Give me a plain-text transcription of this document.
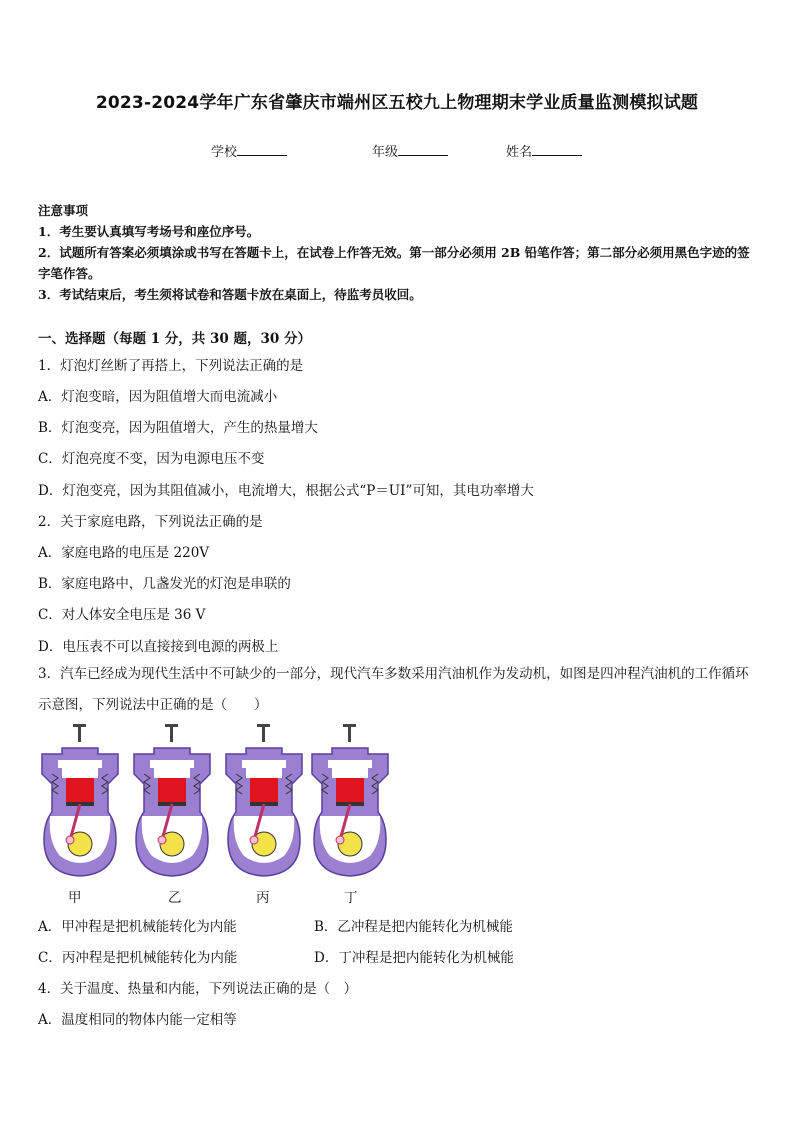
2023-2024学年广东省肇庆市端州区五校九上物理期末学业质量监测模拟试题
学校	年级	姓名
注意事项
1．考生要认真填写考场号和座位序号。
2．试题所有答案必须填涂或书写在答题卡上，在试卷上作答无效。第一部分必须用 2B 铅笔作答；第二部分必须用黑色字迹的签字笔作答。
3．考试结束后，考生须将试卷和答题卡放在桌面上，待监考员收回。
一、选择题（每题 1 分，共 30 题，30 分）
1．灯泡灯丝断了再搭上，下列说法正确的是
A．灯泡变暗，因为阻值增大而电流减小
B．灯泡变亮，因为阻值增大，产生的热量增大
C．灯泡亮度不变，因为电源电压不变
D．灯泡变亮，因为其阻值减小，电流增大，根据公式“P＝UI”可知，其电功率增大
2．关于家庭电路，下列说法正确的是
A．家庭电路的电压是 220V
B．家庭电路中，几盏发光的灯泡是串联的
C．对人体安全电压是 36 V
D．电压表不可以直接接到电源的两极上
3．汽车已经成为现代生活中不可缺少的一部分，现代汽车多数采用汽油机作为发动机，如图是四冲程汽油机的工作循环示意图，下列说法中正确的是（　　）
甲	乙	丙	丁
A．甲冲程是把机械能转化为内能	B．乙冲程是把内能转化为机械能
C．丙冲程是把机械能转化为内能	D．丁冲程是把内能转化为机械能
4．关于温度、热量和内能，下列说法正确的是（　）
A．温度相同的物体内能一定相等
